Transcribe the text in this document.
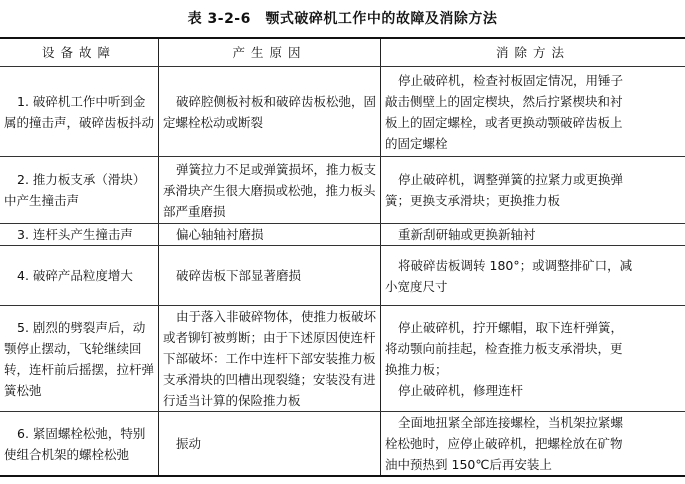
表 3-2-6　颚式破碎机工作中的故障及消除方法
设备故障	产生原因	消除方法

1. 破碎机工作中听到金
属的撞击声，破碎齿板抖动	破碎腔侧板衬板和破碎齿板松弛，固
定螺栓松动或断裂	停止破碎机，检查衬板固定情况，用锤子
敲击侧壁上的固定楔块，然后拧紧楔块和衬
板上的固定螺栓，或者更换动颚破碎齿板上
的固定螺栓

2. 推力板支承（滑块）
中产生撞击声	弹簧拉力不足或弹簧损坏，推力板支
承滑块产生很大磨损或松弛，推力板头
部严重磨损	停止破碎机，调整弹簧的拉紧力或更换弹
簧；更换支承滑块；更换推力板

3. 连杆头产生撞击声	偏心轴轴衬磨损	重新刮研轴或更换新轴衬

4. 破碎产品粒度增大	破碎齿板下部显著磨损	将破碎齿板调转 180°；或调整排矿口，减
小宽度尺寸

5. 剧烈的劈裂声后，动
颚停止摆动，飞轮继续回
转，连杆前后摇摆，拉杆弹
簧松弛	由于落入非破碎物体，使推力板破坏
或者铆钉被剪断；由于下述原因使连杆
下部破坏：工作中连杆下部安装推力板
支承滑块的凹槽出现裂缝；安装没有进
行适当计算的保险推力板	停止破碎机，拧开螺帽，取下连杆弹簧，
将动颚向前挂起，检查推力板支承滑块，更
换推力板；
停止破碎机，修理连杆

6. 紧固螺栓松弛，特别
使组合机架的螺栓松弛	振动	全面地扭紧全部连接螺栓，当机架拉紧螺
栓松弛时，应停止破碎机，把螺栓放在矿物
油中预热到 150℃后再安装上
